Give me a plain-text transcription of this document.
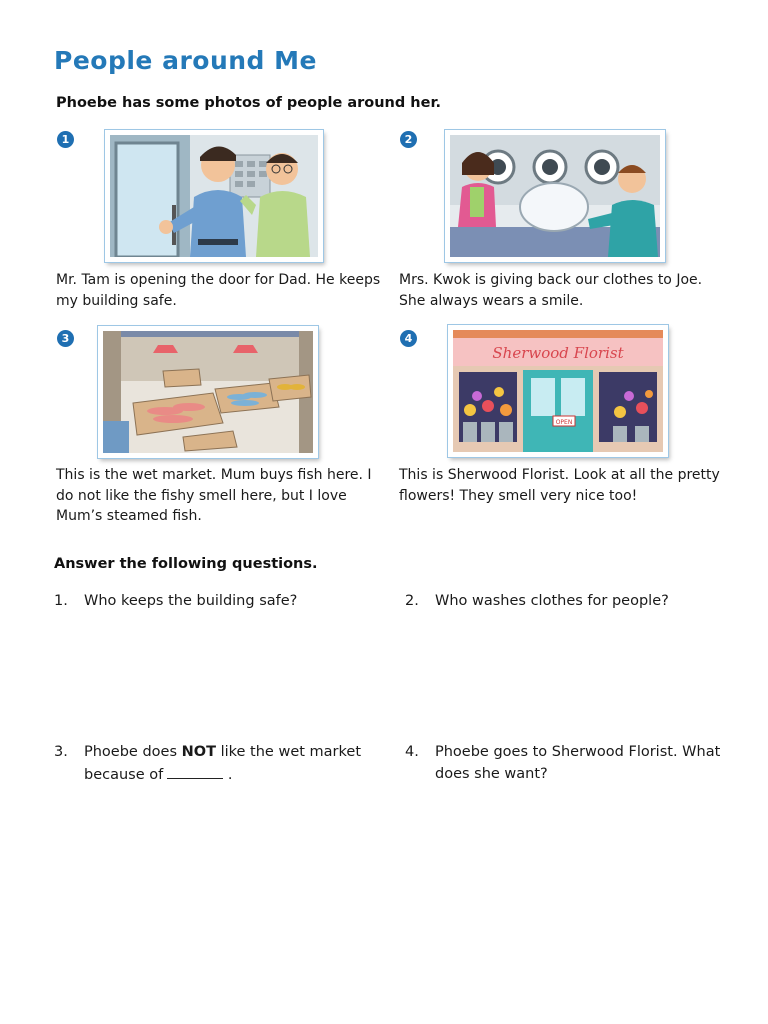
People around Me
Phoebe has some photos of people around her.
1
Mr. Tam is opening the door for Dad. He keeps my building safe.
2
Mrs. Kwok is giving back our clothes to Joe. She always wears a smile.
3
This is the wet market. Mum buys fish here. I do not like the fishy smell here, but I love Mum’s steamed fish.
4
Sherwood Florist
OPEN
This is Sherwood Florist. Look at all the pretty flowers! They smell very nice too!
Answer the following questions.
1. Who keeps the building safe?	2. Who washes clothes for people?
3. Phoebe does NOT like the wet market
because of	.
4. Phoebe goes to Sherwood Florist. What
does she want?
